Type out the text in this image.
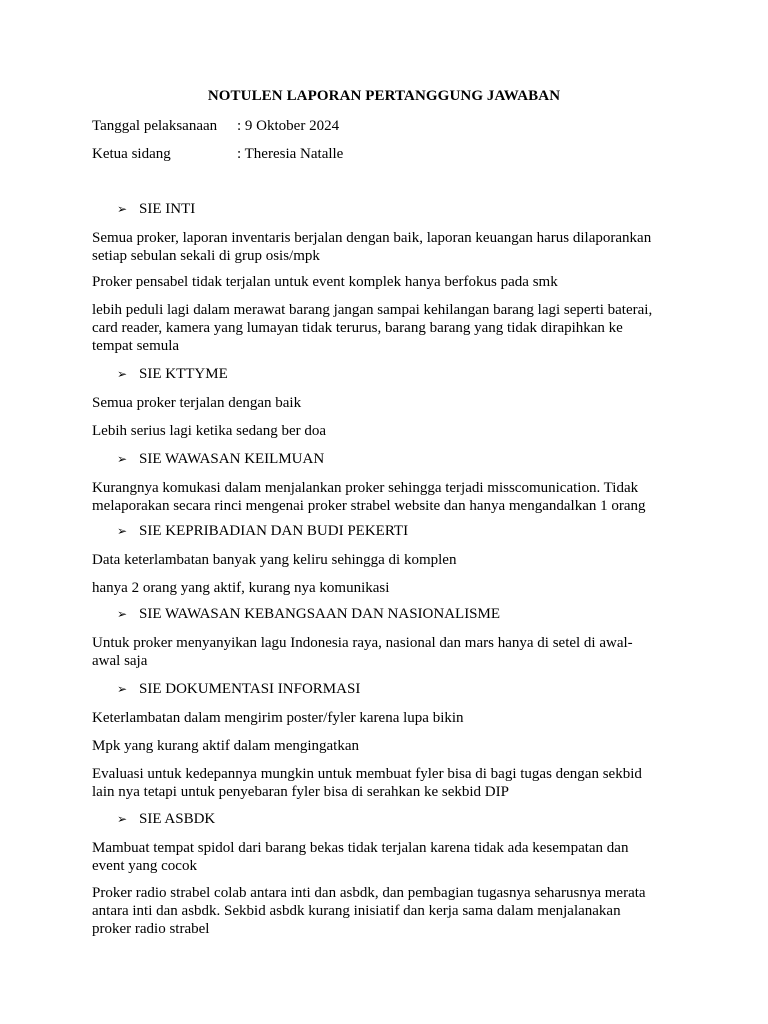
NOTULEN LAPORAN PERTANGGUNG JAWABAN
Tanggal pelaksanaan : 9 Oktober 2024
Ketua sidang	: Theresia Natalle
➢ SIE INTI
Semua proker, laporan inventaris berjalan dengan baik, laporan keuangan harus dilaporankan
setiap sebulan sekali di grup osis/mpk
Proker pensabel tidak terjalan untuk event komplek hanya berfokus pada smk
lebih peduli lagi dalam merawat barang jangan sampai kehilangan barang lagi seperti baterai,
card reader, kamera yang lumayan tidak terurus, barang barang yang tidak dirapihkan ke
tempat semula
➢ SIE KTTYME
Semua proker terjalan dengan baik
Lebih serius lagi ketika sedang ber doa
➢ SIE WAWASAN KEILMUAN
Kurangnya komukasi dalam menjalankan proker sehingga terjadi misscomunication. Tidak
melaporakan secara rinci mengenai proker strabel website dan hanya mengandalkan 1 orang
➢ SIE KEPRIBADIAN DAN BUDI PEKERTI
Data keterlambatan banyak yang keliru sehingga di komplen
hanya 2 orang yang aktif, kurang nya komunikasi
➢ SIE WAWASAN KEBANGSAAN DAN NASIONALISME
Untuk proker menyanyikan lagu Indonesia raya, nasional dan mars hanya di setel di awal-
awal saja
➢ SIE DOKUMENTASI INFORMASI
Keterlambatan dalam mengirim poster/fyler karena lupa bikin
Mpk yang kurang aktif dalam mengingatkan
Evaluasi untuk kedepannya mungkin untuk membuat fyler bisa di bagi tugas dengan sekbid
lain nya tetapi untuk penyebaran fyler bisa di serahkan ke sekbid DIP
➢ SIE ASBDK
Mambuat tempat spidol dari barang bekas tidak terjalan karena tidak ada kesempatan dan
event yang cocok
Proker radio strabel colab antara inti dan asbdk, dan pembagian tugasnya seharusnya merata
antara inti dan asbdk. Sekbid asbdk kurang inisiatif dan kerja sama dalam menjalanakan
proker radio strabel
